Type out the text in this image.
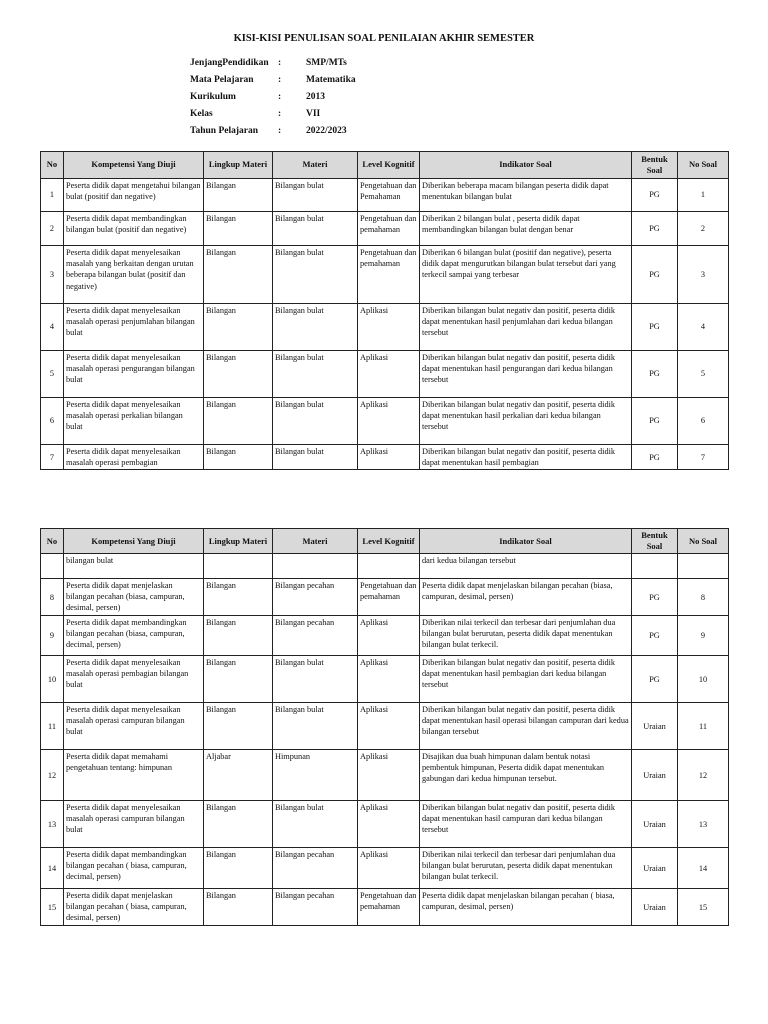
KISI-KISI PENULISAN SOAL PENILAIAN AKHIR SEMESTER
JenjangPendidikan	:	SMP/MTs
Mata Pelajaran	:	Matematika
Kurikulum	:	2013
Kelas	:	VII
Tahun Pelajaran	:	2022/2023
No	Kompetensi Yang Diuji	Lingkup Materi	Materi	Level Kognitif	Indikator Soal	Bentuk Soal	No Soal
1	Peserta didik dapat mengetahui bilangan bulat (positif dan negative)	Bilangan	Bilangan bulat	Pengetahuan dan Pemahaman	Diberikan beberapa macam bilangan peserta didik dapat menentukan bilangan bulat	PG	1
2	Peserta didik dapat membandingkan bilangan bulat (positif dan negative)	Bilangan	Bilangan bulat	Pengetahuan dan pemahaman	Diberikan 2 bilangan bulat , peserta didik dapat membandingkan bilangan bulat dengan benar	PG	2
3	Peserta didik dapat menyelesaikan masalah yang berkaitan dengan urutan beberapa bilangan bulat (positif dan negative)	Bilangan	Bilangan bulat	Pengetahuan dan pemahaman	Diberikan 6 bilangan bulat (positif dan negative), peserta didik dapat mengurutkan bilangan bulat tersebut dari yang terkecil sampai yang terbesar	PG	3
4	Peserta didik dapat menyelesaikan masalah operasi penjumlahan bilangan bulat	Bilangan	Bilangan bulat	Aplikasi	Diberikan bilangan bulat negativ dan positif, peserta didik dapat menentukan hasil penjumlahan dari kedua bilangan tersebut	PG	4
5	Peserta didik dapat menyelesaikan masalah operasi pengurangan bilangan bulat	Bilangan	Bilangan bulat	Aplikasi	Diberikan bilangan bulat negativ dan positif, peserta didik dapat menentukan hasil pengurangan dari kedua bilangan tersebut	PG	5
6	Peserta didik dapat menyelesaikan masalah operasi perkalian bilangan bulat	Bilangan	Bilangan bulat	Aplikasi	Diberikan bilangan bulat negativ dan positif, peserta didik dapat menentukan hasil perkalian dari kedua bilangan tersebut	PG	6
7	Peserta didik dapat menyelesaikan masalah operasi pembagian	Bilangan	Bilangan bulat	Aplikasi	Diberikan bilangan bulat negativ dan positif, peserta didik dapat menentukan hasil pembagian	PG	7
No	Kompetensi Yang Diuji	Lingkup Materi	Materi	Level Kognitif	Indikator Soal	Bentuk Soal	No Soal
	bilangan bulat				dari kedua bilangan tersebut		
8	Peserta didik dapat menjelaskan bilangan pecahan (biasa, campuran, desimal, persen)	Bilangan	Bilangan pecahan	Pengetahuan dan pemahaman	Peserta didik dapat menjelaskan bilangan pecahan (biasa, campuran, desimal, persen)	PG	8
9	Peserta didik dapat membandingkan bilangan pecahan (biasa, campuran, decimal, persen)	Bilangan	Bilangan pecahan	Aplikasi	Diberikan nilai terkecil dan terbesar dari penjumlahan dua bilangan bulat berurutan, peserta didik dapat menentukan bilangan bulat terkecil.	PG	9
10	Peserta didik dapat menyelesaikan masalah operasi pembagian bilangan bulat	Bilangan	Bilangan bulat	Aplikasi	Diberikan bilangan bulat negativ dan positif, peserta didik dapat menentukan hasil pembagian dari kedua bilangan tersebut	PG	10
11	Peserta didik dapat menyelesaikan masalah operasi campuran bilangan bulat	Bilangan	Bilangan bulat	Aplikasi	Diberikan bilangan bulat negativ dan positif, peserta didik dapat menentukan hasil operasi bilangan campuran dari kedua bilangan tersebut	Uraian	11
12	Peserta didik dapat memahami pengetahuan tentang: himpunan	Aljabar	Himpunan	Aplikasi	Disajikan dua buah himpunan dalam bentuk notasi pembentuk himpunan, Peserta didik dapat menentukan gabungan dari kedua himpunan tersebut.	Uraian	12
13	Peserta didik dapat menyelesaikan masalah operasi campuran bilangan bulat	Bilangan	Bilangan bulat	Aplikasi	Diberikan bilangan bulat negativ dan positif, peserta didik dapat menentukan hasil campuran dari kedua bilangan tersebut	Uraian	13
14	Peserta didik dapat membandingkan bilangan pecahan ( biasa, campuran, decimal, persen)	Bilangan	Bilangan pecahan	Aplikasi	Diberikan nilai terkecil dan terbesar dari penjumlahan dua bilangan bulat berurutan, peserta didik dapat menentukan bilangan bulat terkecil.	Uraian	14
15	Peserta didik dapat menjelaskan bilangan pecahan ( biasa, campuran, desimal, persen)	Bilangan	Bilangan pecahan	Pengetahuan dan pemahaman	Peserta didik dapat menjelaskan bilangan pecahan ( biasa, campuran, desimal, persen)	Uraian	15
